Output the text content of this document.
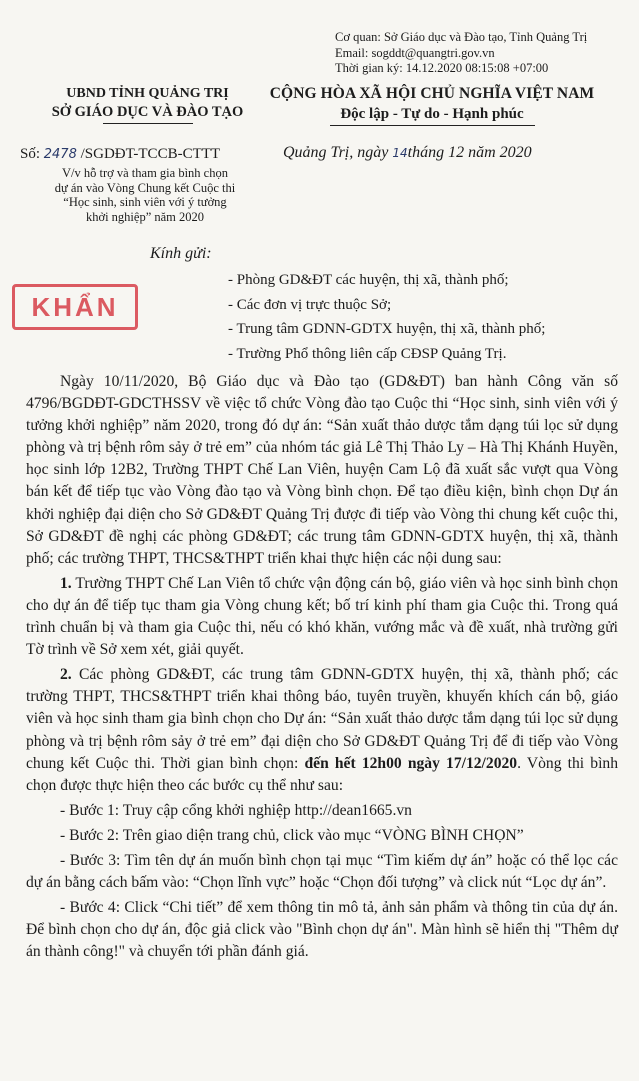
Cơ quan: Sở Giáo dục và Đào tạo, Tỉnh Quảng Trị
Email: sogddt@quangtri.gov.vn
Thời gian ký: 14.12.2020 08:15:08 +07:00
UBND TỈNH QUẢNG TRỊ
SỞ GIÁO DỤC VÀ ĐÀO TẠO
CỘNG HÒA XÃ HỘI CHỦ NGHĨA VIỆT NAM
Độc lập - Tự do - Hạnh phúc
Số: 2478 /SGDĐT-TCCB-CTTT	Quảng Trị, ngày 14tháng 12 năm 2020
V/v hỗ trợ và tham gia bình chọn
dự án vào Vòng Chung kết Cuộc thi
“Học sinh, sinh viên với ý tưởng
khởi nghiệp” năm 2020
Kính gửi:
KHẨN
- Phòng GD&ĐT các huyện, thị xã, thành phố;
- Các đơn vị trực thuộc Sở;
- Trung tâm GDNN-GDTX huyện, thị xã, thành phố;
- Trường Phổ thông liên cấp CĐSP Quảng Trị.

Ngày 10/11/2020, Bộ Giáo dục và Đào tạo (GD&ĐT) ban hành Công văn số 4796/BGDĐT-GDCTHSSV về việc tổ chức Vòng đào tạo Cuộc thi “Học sinh, sinh viên với ý tưởng khởi nghiệp” năm 2020, trong đó dự án: “Sản xuất thảo dược tắm dạng túi lọc sử dụng phòng và trị bệnh rôm sảy ở trẻ em” của nhóm tác giả Lê Thị Thảo Ly – Hà Thị Khánh Huyền, học sinh lớp 12B2, Trường THPT Chế Lan Viên, huyện Cam Lộ đã xuất sắc vượt qua Vòng bán kết để tiếp tục vào Vòng đào tạo và Vòng bình chọn. Để tạo điều kiện, bình chọn Dự án khởi nghiệp đại diện cho Sở GD&ĐT Quảng Trị được đi tiếp vào Vòng thi chung kết cuộc thi, Sở GD&ĐT đề nghị các phòng GD&ĐT; các trung tâm GDNN-GDTX huyện, thị xã, thành phố; các trường THPT, THCS&THPT triển khai thực hiện các nội dung sau:

1. Trường THPT Chế Lan Viên tổ chức vận động cán bộ, giáo viên và học sinh bình chọn cho dự án để tiếp tục tham gia Vòng chung kết; bố trí kinh phí tham gia Cuộc thi. Trong quá trình chuẩn bị và tham gia Cuộc thi, nếu có khó khăn, vướng mắc và đề xuất, nhà trường gửi Tờ trình về Sở xem xét, giải quyết.

2. Các phòng GD&ĐT, các trung tâm GDNN-GDTX huyện, thị xã, thành phố; các trường THPT, THCS&THPT triển khai thông báo, tuyên truyền, khuyến khích cán bộ, giáo viên và học sinh tham gia bình chọn cho Dự án: “Sản xuất thảo dược tắm dạng túi lọc sử dụng phòng và trị bệnh rôm sảy ở trẻ em” đại diện cho Sở GD&ĐT Quảng Trị để đi tiếp vào Vòng chung kết Cuộc thi. Thời gian bình chọn: đến hết 12h00 ngày 17/12/2020. Vòng thi bình chọn được thực hiện theo các bước cụ thể như sau:

- Bước 1: Truy cập cổng khởi nghiệp http://dean1665.vn

- Bước 2: Trên giao diện trang chủ, click vào mục “VÒNG BÌNH CHỌN”

- Bước 3: Tìm tên dự án muốn bình chọn tại mục “Tìm kiếm dự án” hoặc có thể lọc các dự án bằng cách bấm vào: “Chọn lĩnh vực” hoặc “Chọn đối tượng” và click nút “Lọc dự án”.

- Bước 4: Click “Chi tiết” để xem thông tin mô tả, ảnh sản phẩm và thông tin của dự án. Để bình chọn cho dự án, độc giả click vào "Bình chọn dự án". Màn hình sẽ hiển thị "Thêm dự án thành công!" và chuyển tới phần đánh giá.
